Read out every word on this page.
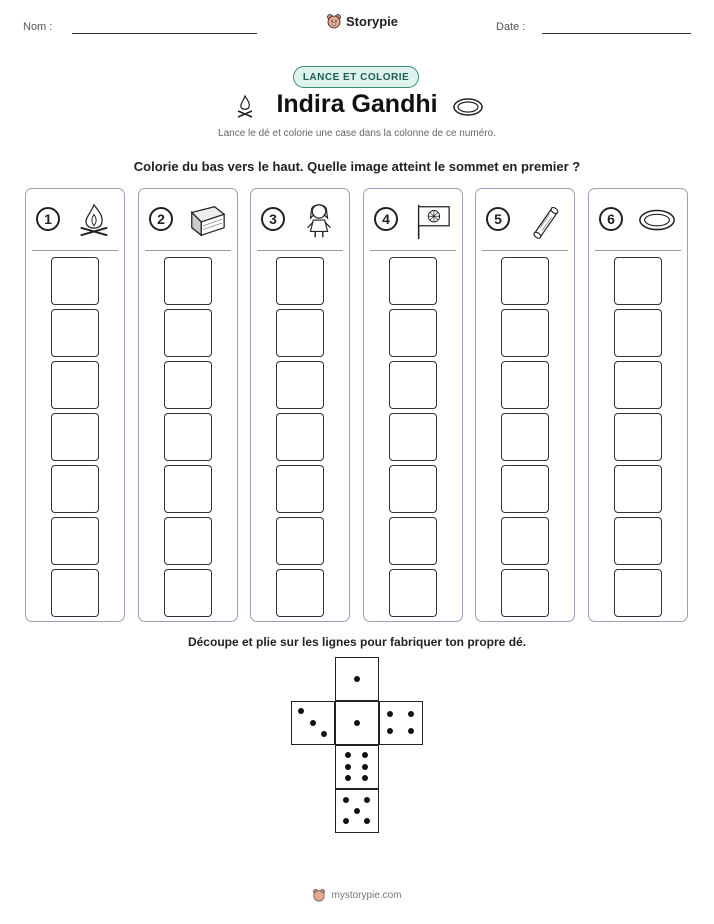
Nom :	Storypie	Date :
LANCE ET COLORIE
Indira Gandhi
Lance le dé et colorie une case dans la colonne de ce numéro.
Colorie du bas vers le haut. Quelle image atteint le sommet en premier ?
1	2	3	4	5	6
Découpe et plie sur les lignes pour fabriquer ton propre dé.
mystorypie.com
